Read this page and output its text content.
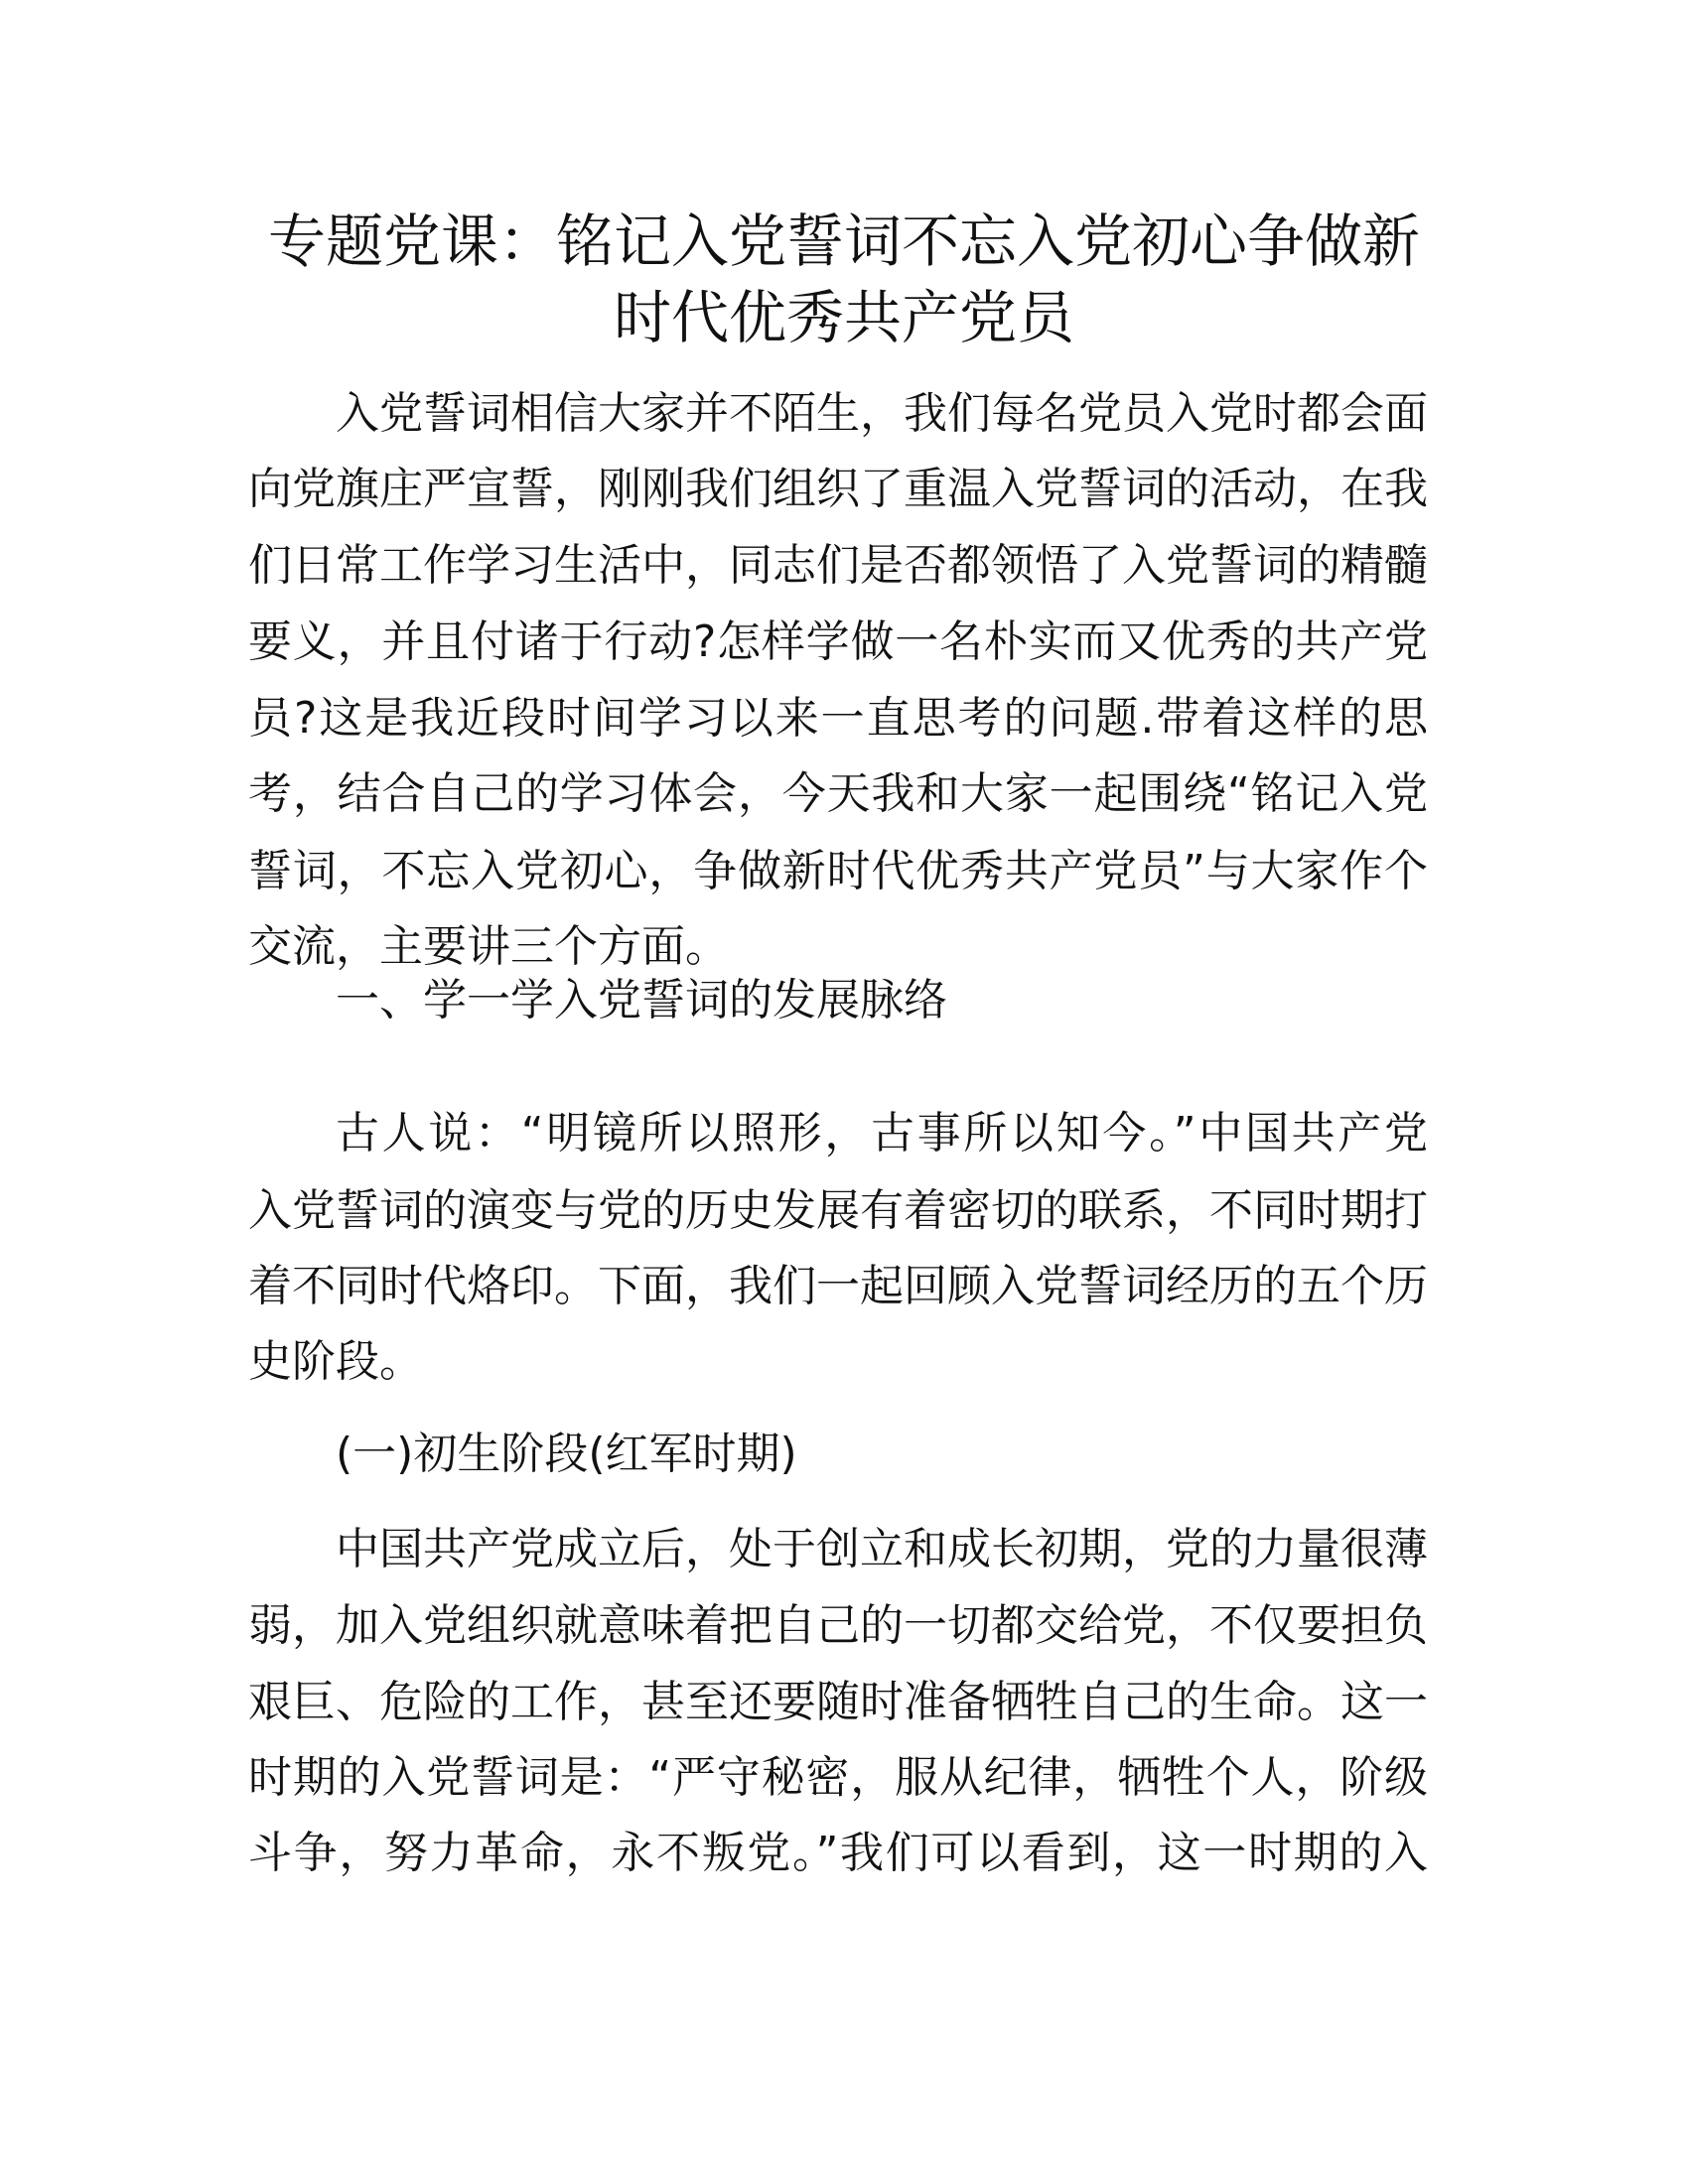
专题党课：铭记入党誓词不忘入党初心争做新
时代优秀共产党员
入党誓词相信大家并不陌生，我们每名党员入党时都会面
向党旗庄严宣誓，刚刚我们组织了重温入党誓词的活动，在我
们日常工作学习生活中，同志们是否都领悟了入党誓词的精髓
要义，并且付诸于行动?怎样学做一名朴实而又优秀的共产党
员?这是我近段时间学习以来一直思考的问题.带着这样的思
考，结合自己的学习体会，今天我和大家一起围绕“铭记入党
誓词，不忘入党初心，争做新时代优秀共产党员”与大家作个
交流，主要讲三个方面。
一、学一学入党誓词的发展脉络
古人说：“明镜所以照形，古事所以知今。”中国共产党
入党誓词的演变与党的历史发展有着密切的联系，不同时期打
着不同时代烙印。下面，我们一起回顾入党誓词经历的五个历
史阶段。
(一)初生阶段(红军时期)
中国共产党成立后，处于创立和成长初期，党的力量很薄
弱，加入党组织就意味着把自己的一切都交给党，不仅要担负
艰巨、危险的工作，甚至还要随时准备牺牲自己的生命。这一
时期的入党誓词是：“严守秘密，服从纪律，牺牲个人，阶级
斗争，努力革命，永不叛党。”我们可以看到，这一时期的入
